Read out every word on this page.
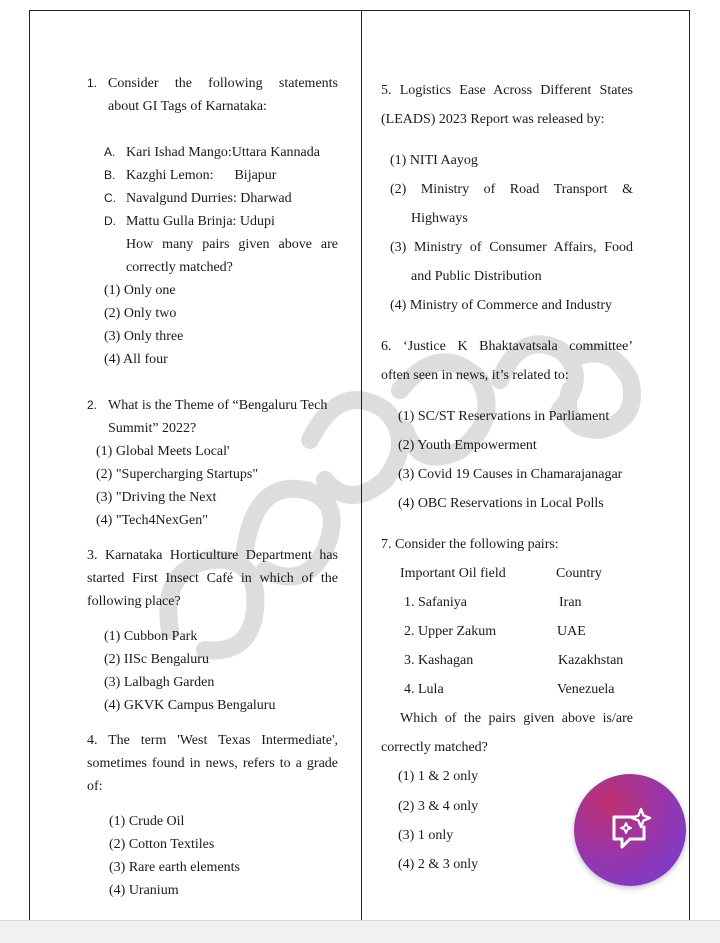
1. Consider the following statements
about GI Tags of Karnataka:
A. Kari Ishad Mango:Uttara Kannada
B. Kazghi Lemon:      Bijapur
C. Navalgund Durries: Dharwad
D. Mattu Gulla Brinja: Udupi
How many pairs given above are
correctly matched?
(1) Only one
(2) Only two
(3) Only three
(4) All four
2. What is the Theme of “Bengaluru Tech
Summit” 2022?
(1) Global Meets Local'
(2) "Supercharging Startups"
(3) "Driving the Next
(4) "Tech4NexGen"
3. Karnataka Horticulture Department has
started First Insect Café in which of the
following place?
(1) Cubbon Park
(2) IISc Bengaluru
(3) Lalbagh Garden
(4) GKVK Campus Bengaluru
4. The term 'West Texas Intermediate',
sometimes found in news, refers to a grade
of:
(1) Crude Oil
(2) Cotton Textiles
(3) Rare earth elements
(4) Uranium
5. Logistics Ease Across Different States
(LEADS) 2023 Report was released by:
(1) NITI Aayog
(2) Ministry of Road Transport &
Highways
(3) Ministry of Consumer Affairs, Food
and Public Distribution
(4) Ministry of Commerce and Industry
6. ‘Justice K Bhaktavatsala committee’
often seen in news, it’s related to:
(1) SC/ST Reservations in Parliament
(2) Youth Empowerment
(3) Covid 19 Causes in Chamarajanagar
(4) OBC Reservations in Local Polls
7. Consider the following pairs:
Important Oil field	Country
1. Safaniya	Iran
2. Upper Zakum	UAE
3. Kashagan	Kazakhstan
4. Lula	Venezuela
Which of the pairs given above is/are
correctly matched?
(1) 1 & 2 only
(2) 3 & 4 only
(3) 1 only
(4) 2 & 3 only
